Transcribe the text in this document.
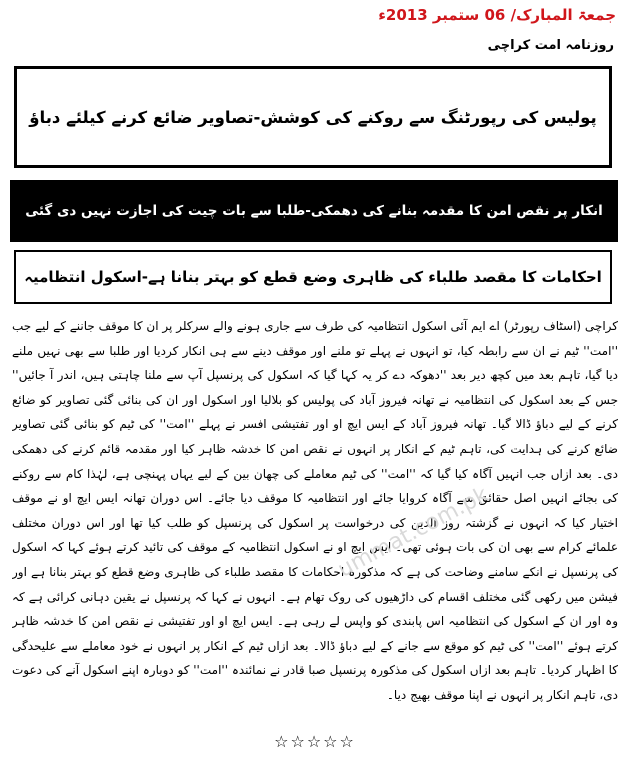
جمعۃ المبارک/ 06 ستمبر 2013ء
روزنامہ امت کراچی
پولیس کی رپورٹنگ سے روکنے کی کوشش-تصاویر ضائع کرنے کیلئے دباؤ
انکار پر نقص امن کا مقدمہ بنانے کی دھمکی-طلبا سے بات چیت کی اجازت نہیں دی گئی
احکامات کا مقصد طلباء کی ظاہری وضع قطع کو بہتر بنانا ہے-اسکول انتظامیہ

کراچی (اسٹاف رپورٹر) اے ایم آئی اسکول انتظامیہ کی طرف سے جاری ہونے والے سرکلر پر ان کا موقف جاننے کے لیے جب ''امت'' ٹیم نے ان سے رابطہ کیا، تو انہوں نے پہلے تو ملنے اور موقف دینے سے ہی انکار کردیا اور طلبا سے بھی نہیں ملنے دیا گیا، تاہم بعد میں کچھ دیر بعد ''دھوکہ دے کر یہ کہا گیا کہ اسکول کی پرنسپل آپ سے ملنا چاہتی ہیں، اندر آ جائیں'' جس کے بعد اسکول کی انتظامیہ نے تھانہ فیروز آباد کی پولیس کو بلالیا اور اسکول اور ان کی بنائی گئی تصاویر کو ضائع کرنے کے لیے دباؤ ڈالا گیا۔ تھانہ فیروز آباد کے ایس ایچ او اور تفتیشی افسر نے پہلے ''امت'' کی ٹیم کو بنائی گئی تصاویر ضائع کرنے کی ہدایت کی، تاہم ٹیم کے انکار پر انہوں نے نقص امن کا خدشہ ظاہر کیا اور مقدمہ قائم کرنے کی دھمکی دی۔ بعد ازاں جب انہیں آگاہ کیا گیا کہ ''امت'' کی ٹیم معاملے کی چھان بین کے لیے یہاں پہنچی ہے، لہٰذا کام سے روکنے کی بجائے انہیں اصل حقائق سے آگاہ کروایا جائے اور انتظامیہ کا موقف دیا جائے۔ اس دوران تھانہ ایس ایچ او نے موقف اختیار کیا کہ انہوں نے گزشتہ روز الدین کی درخواست پر اسکول کی پرنسپل کو طلب کیا تھا اور اس دوران مختلف علمائے کرام سے بھی ان کی بات ہوئی تھی۔ ایس ایچ او نے اسکول انتظامیہ کے موقف کی تائید کرتے ہوئے کہا کہ اسکول کی پرنسپل نے انکے سامنے وضاحت کی ہے کہ مذکورہ احکامات کا مقصد طلباء کی ظاہری وضع قطع کو بہتر بنانا ہے اور فیشن میں رکھی گئی مختلف اقسام کی داڑھیوں کی روک تھام ہے۔ انہوں نے کہا کہ پرنسپل نے یقین دہانی کرائی ہے کہ وہ اور ان کے اسکول کی انتظامیہ اس پابندی کو واپس لے رہی ہے۔ ایس ایچ او اور تفتیشی نے نقص امن کا خدشہ ظاہر کرتے ہوئے ''امت'' کی ٹیم کو موقع سے جانے کے لیے دباؤ ڈالا۔ بعد ازاں ٹیم کے انکار پر انہوں نے خود معاملے سے علیحدگی کا اظہار کردیا۔ تاہم بعد ازاں اسکول کی مذکورہ پرنسپل صبا قادر نے نمائندہ ''امت'' کو دوبارہ اپنے اسکول آنے کی دعوت دی، تاہم انکار پر انہوں نے اپنا موقف بھیج دیا۔

ummat.com.pk
☆☆☆☆☆
